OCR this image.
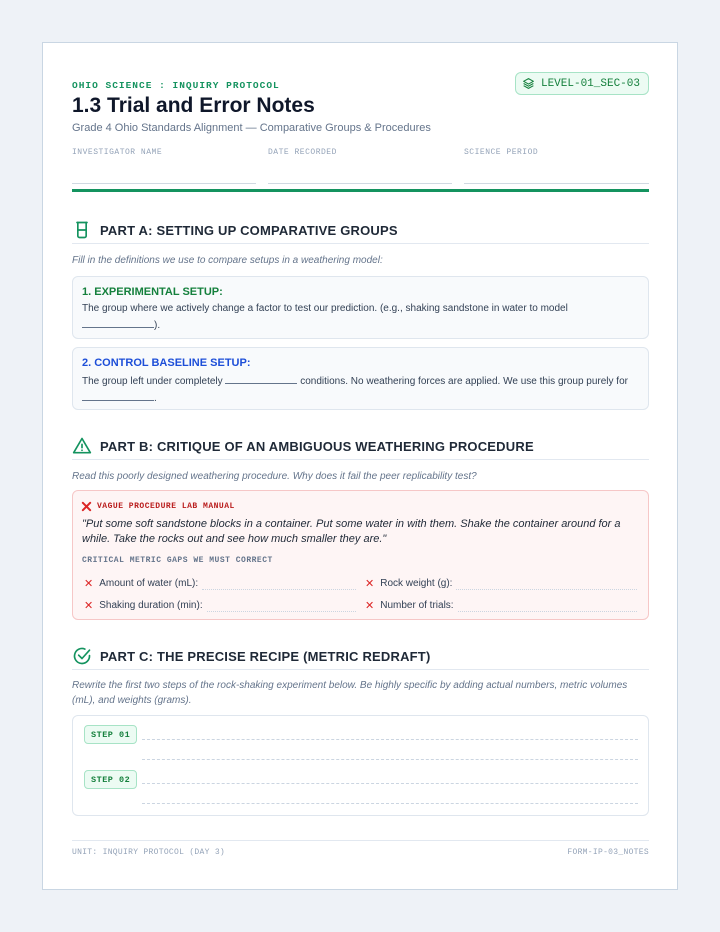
OHIO SCIENCE : INQUIRY PROTOCOL	LEVEL-01_SEC-03
1.3 Trial and Error Notes
Grade 4 Ohio Standards Alignment — Comparative Groups & Procedures
INVESTIGATOR NAME	DATE RECORDED	SCIENCE PERIOD
PART A: SETTING UP COMPARATIVE GROUPS
Fill in the definitions we use to compare setups in a weathering model:
1. EXPERIMENTAL SETUP:
The group where we actively change a factor to test our prediction. (e.g., shaking sandstone in water to model ).
2. CONTROL BASELINE SETUP:
The group left under completely	conditions. No weathering forces are applied. We use this group purely for .
PART B: CRITIQUE OF AN AMBIGUOUS WEATHERING PROCEDURE
Read this poorly designed weathering procedure. Why does it fail the peer replicability test?
VAGUE PROCEDURE LAB MANUAL
"Put some soft sandstone blocks in a container. Put some water in with them. Shake the container around for a while. Take the rocks out and see how much smaller they are."
CRITICAL METRIC GAPS WE MUST CORRECT
✕ Amount of water (mL):	✕ Rock weight (g):
✕ Shaking duration (min):	✕ Number of trials:
PART C: THE PRECISE RECIPE (METRIC REDRAFT)
Rewrite the first two steps of the rock-shaking experiment below. Be highly specific by adding actual numbers, metric volumes (mL), and weights (grams).
STEP 01
STEP 02
UNIT: INQUIRY PROTOCOL (DAY 3)	FORM-IP-03_NOTES
